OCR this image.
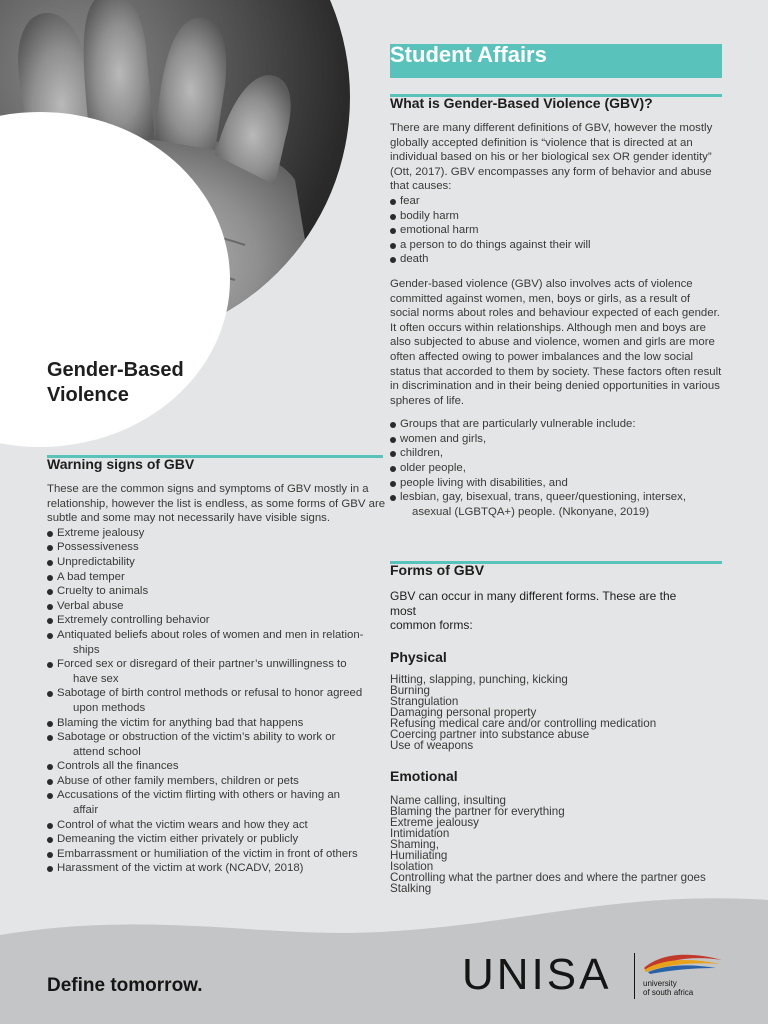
Gender-Based
Violence
Student Affairs
What is Gender-Based Violence (GBV)?
There are many different definitions of GBV, however the mostly globally accepted definition is “violence that is directed at an individual based on his or her biological sex OR gender identity” (Ott, 2017). GBV encompasses any form of behavior and abuse that causes:
fear
bodily harm
emotional harm
a person to do things against their will
death
Gender-based violence (GBV) also involves acts of violence committed against women, men, boys or girls, as a result of social norms about roles and behaviour expected of each gender. It often occurs within relationships. Although men and boys are also subjected to abuse and violence, women and girls are more often affected owing to power imbalances and the low social status that accorded to them by society. These factors often result in discrimination and in their being denied opportunities in various spheres of life.
Groups that are particularly vulnerable include:
women and girls,
children,
older people,
people living with disabilities, and
lesbian, gay, bisexual, trans, queer/questioning, intersex,
asexual (LGBTQA+) people. (Nkonyane, 2019)
Warning signs of GBV
These are the common signs and symptoms of GBV mostly in a relationship, however the list is endless, as some forms of GBV are subtle and some may not necessarily have visible signs.
Extreme jealousy
Possessiveness
Unpredictability
A bad temper
Cruelty to animals
Verbal abuse
Extremely controlling behavior
Antiquated beliefs about roles of women and men in relation-
ships
Forced sex or disregard of their partner’s unwillingness to
have sex
Sabotage of birth control methods or refusal to honor agreed
upon methods
Blaming the victim for anything bad that happens
Sabotage or obstruction of the victim’s ability to work or
attend school
Controls all the finances
Abuse of other family members, children or pets
Accusations of the victim flirting with others or having an
affair
Control of what the victim wears and how they act
Demeaning the victim either privately or publicly
Embarrassment or humiliation of the victim in front of others
Harassment of the victim at work (NCADV, 2018)
Forms of GBV
GBV can occur in many different forms. These are the
most
common forms:
Physical
Hitting, slapping, punching, kicking
Burning
Strangulation
Damaging personal property
Refusing medical care and/or controlling medication
Coercing partner into substance abuse
Use of weapons
Emotional
Name calling, insulting
Blaming the partner for everything
Extreme jealousy
Intimidation
Shaming,
Humiliating
Isolation
Controlling what the partner does and where the partner goes
Stalking
Define tomorrow.	UNISA	university
of south africa
